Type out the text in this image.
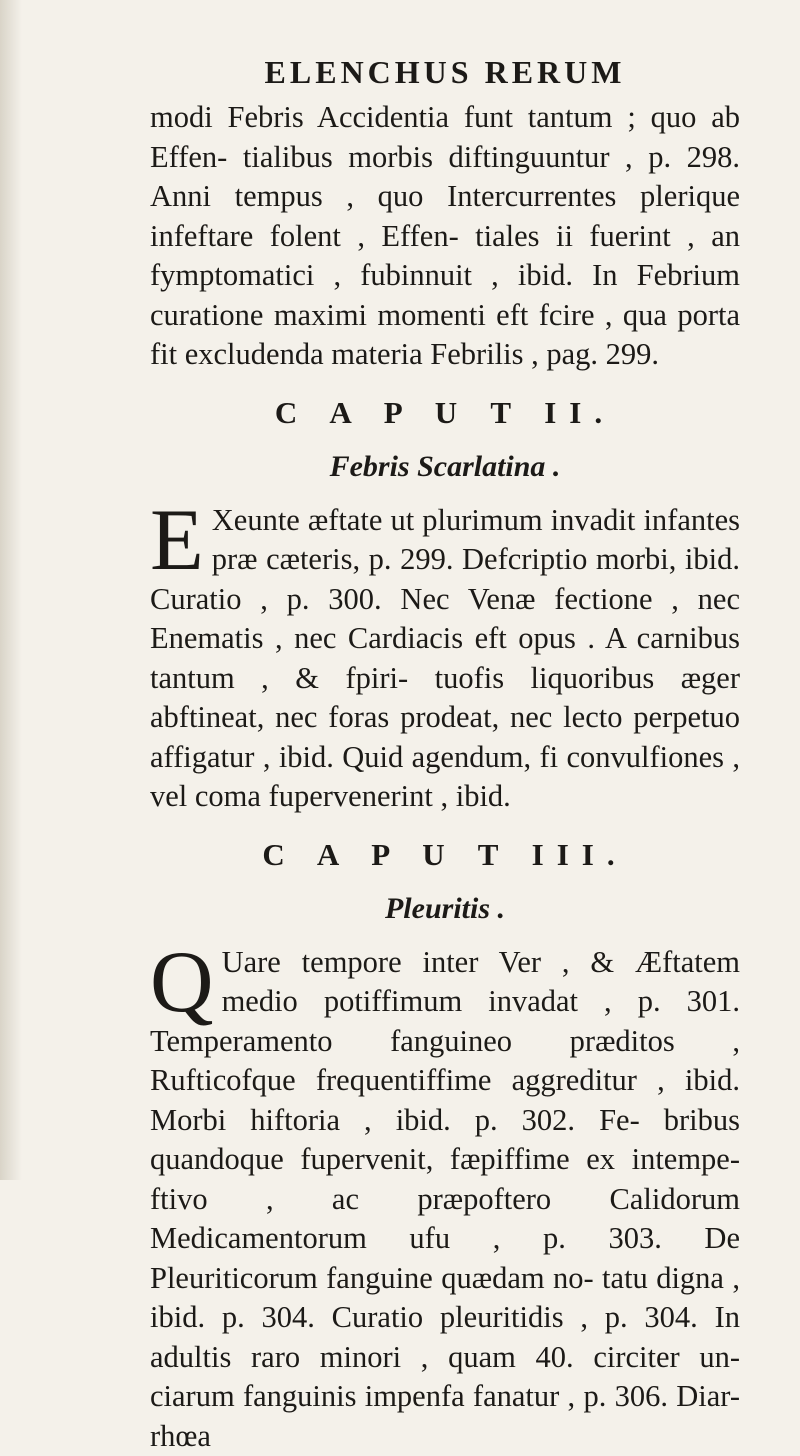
ELENCHUS RERUM

modi Febris Accidentia funt tantum ; quo ab Effen- tialibus morbis diftinguuntur , p. 298. Anni tempus , quo Intercurrentes plerique infeftare folent , Effen- tiales ii fuerint , an fymptomatici , fubinnuit , ibid. In Febrium curatione maximi momenti eft fcire , qua porta fit excludenda materia Febrilis , pag. 299.

C A P U T II.
Febris Scarlatina .
E Xeunte æftate ut plurimum invadit infantes præ cæteris, p. 299. Defcriptio morbi, ibid. Curatio , p. 300. Nec Venæ fectione , nec Enematis , nec Cardiacis eft opus . A carnibus tantum , & fpiri- tuofis liquoribus æger abftineat, nec foras prodeat, nec lecto perpetuo affigatur , ibid. Quid agendum, fi convulfiones , vel coma fupervenerint , ibid.

C A P U T III.
Pleuritis .
Q Uare tempore inter Ver , & Æftatem medio potiffimum invadat , p. 301. Temperamento fanguineo præditos , Rufticofque frequentiffime aggreditur , ibid. Morbi hiftoria , ibid. p. 302. Fe- bribus quandoque fupervenit, fæpiffime ex intempe- ftivo , ac præpoftero Calidorum Medicamentorum ufu , p. 303. De Pleuriticorum fanguine quædam no- tatu digna , ibid. p. 304. Curatio pleuritidis , p. 304. In adultis raro minori , quam 40. circiter un- ciarum fanguinis impenfa fanatur , p. 306. Diar- rhœa
